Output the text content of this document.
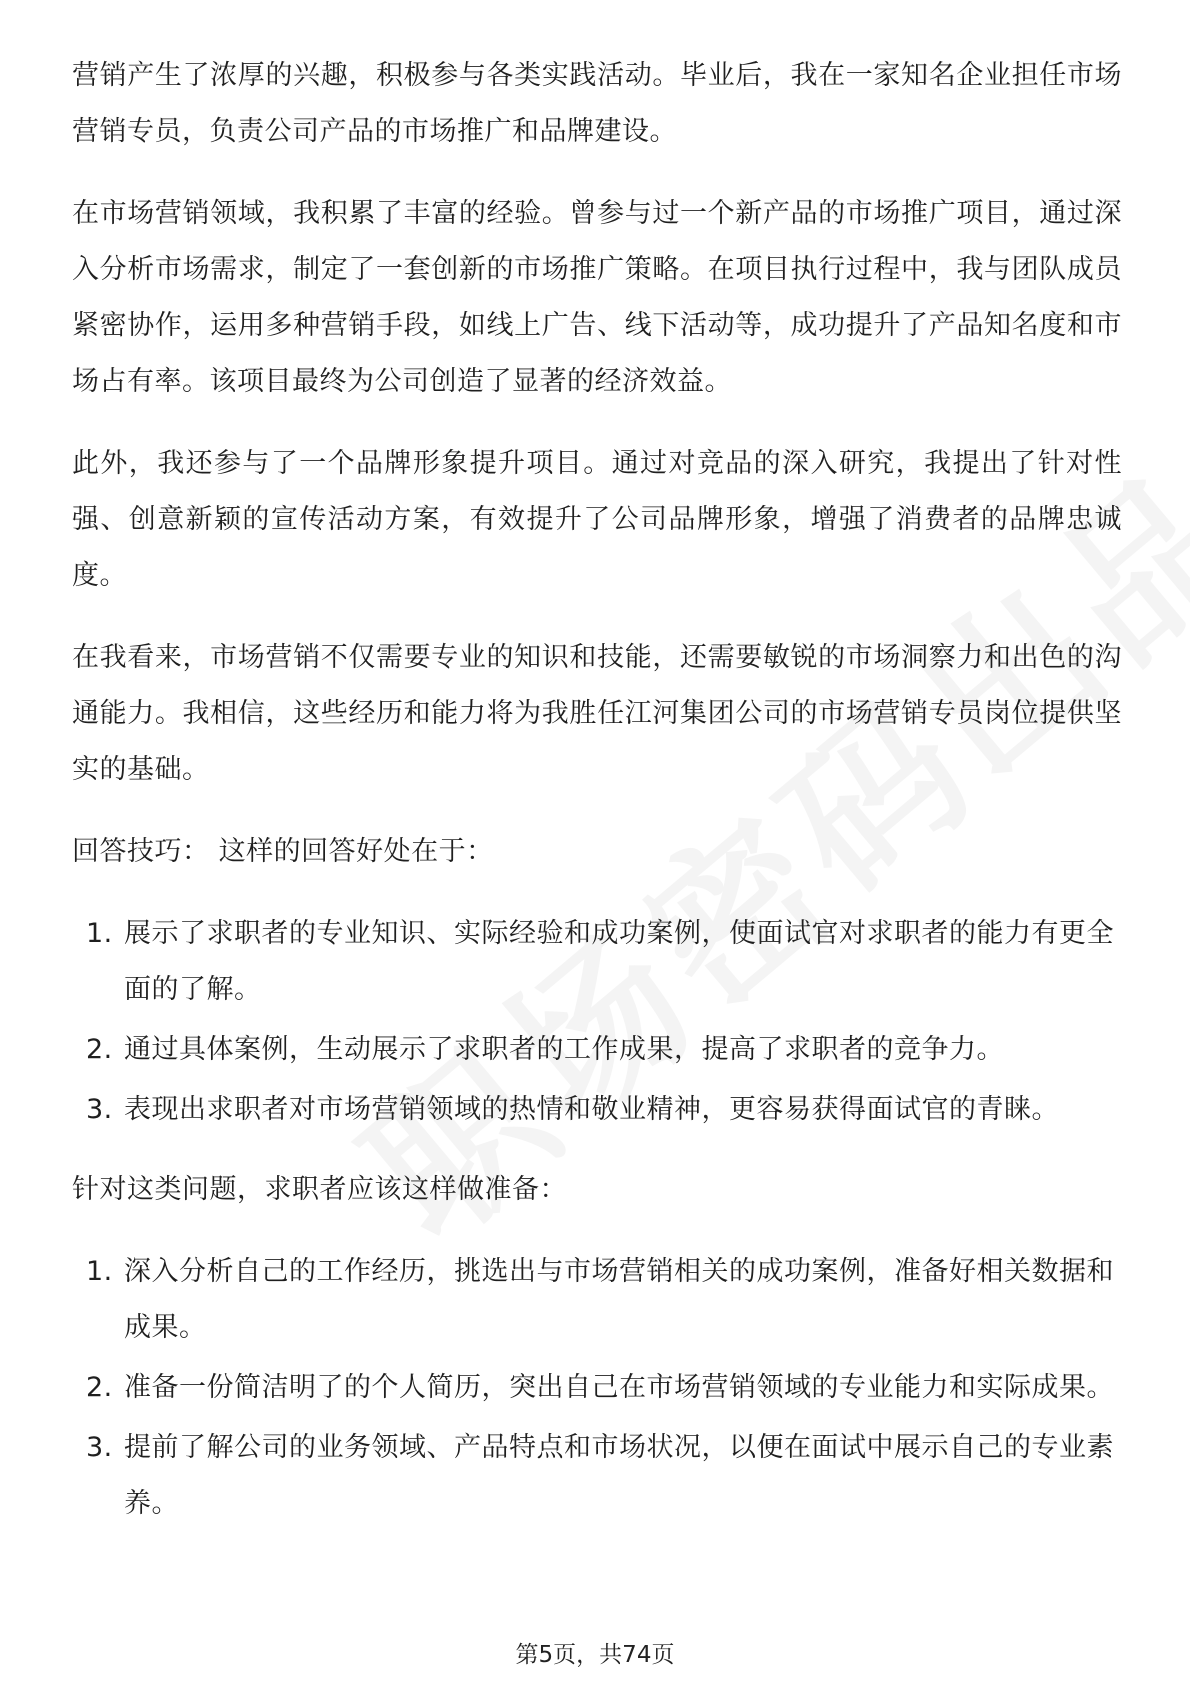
营销产生了浓厚的兴趣，积极参与各类实践活动。毕业后，我在一家知名企业担任市场营销专员，负责公司产品的市场推广和品牌建设。

在市场营销领域，我积累了丰富的经验。曾参与过一个新产品的市场推广项目，通过深入分析市场需求，制定了一套创新的市场推广策略。在项目执行过程中，我与团队成员紧密协作，运用多种营销手段，如线上广告、线下活动等，成功提升了产品知名度和市场占有率。该项目最终为公司创造了显著的经济效益。

此外，我还参与了一个品牌形象提升项目。通过对竞品的深入研究，我提出了针对性强、创意新颖的宣传活动方案，有效提升了公司品牌形象，增强了消费者的品牌忠诚度。

在我看来，市场营销不仅需要专业的知识和技能，还需要敏锐的市场洞察力和出色的沟通能力。我相信，这些经历和能力将为我胜任江河集团公司的市场营销专员岗位提供坚实的基础。

回答技巧： 这样的回答好处在于：

1. 展示了求职者的专业知识、实际经验和成功案例，使面试官对求职者的能力有更全面的了解。
2. 通过具体案例，生动展示了求职者的工作成果，提高了求职者的竞争力。
3. 表现出求职者对市场营销领域的热情和敬业精神，更容易获得面试官的青睐。

针对这类问题，求职者应该这样做准备：

1. 深入分析自己的工作经历，挑选出与市场营销相关的成功案例，准备好相关数据和成果。
2. 准备一份简洁明了的个人简历，突出自己在市场营销领域的专业能力和实际成果。
3. 提前了解公司的业务领域、产品特点和市场状况，以便在面试中展示自己的专业素养。
第5页，共74页
